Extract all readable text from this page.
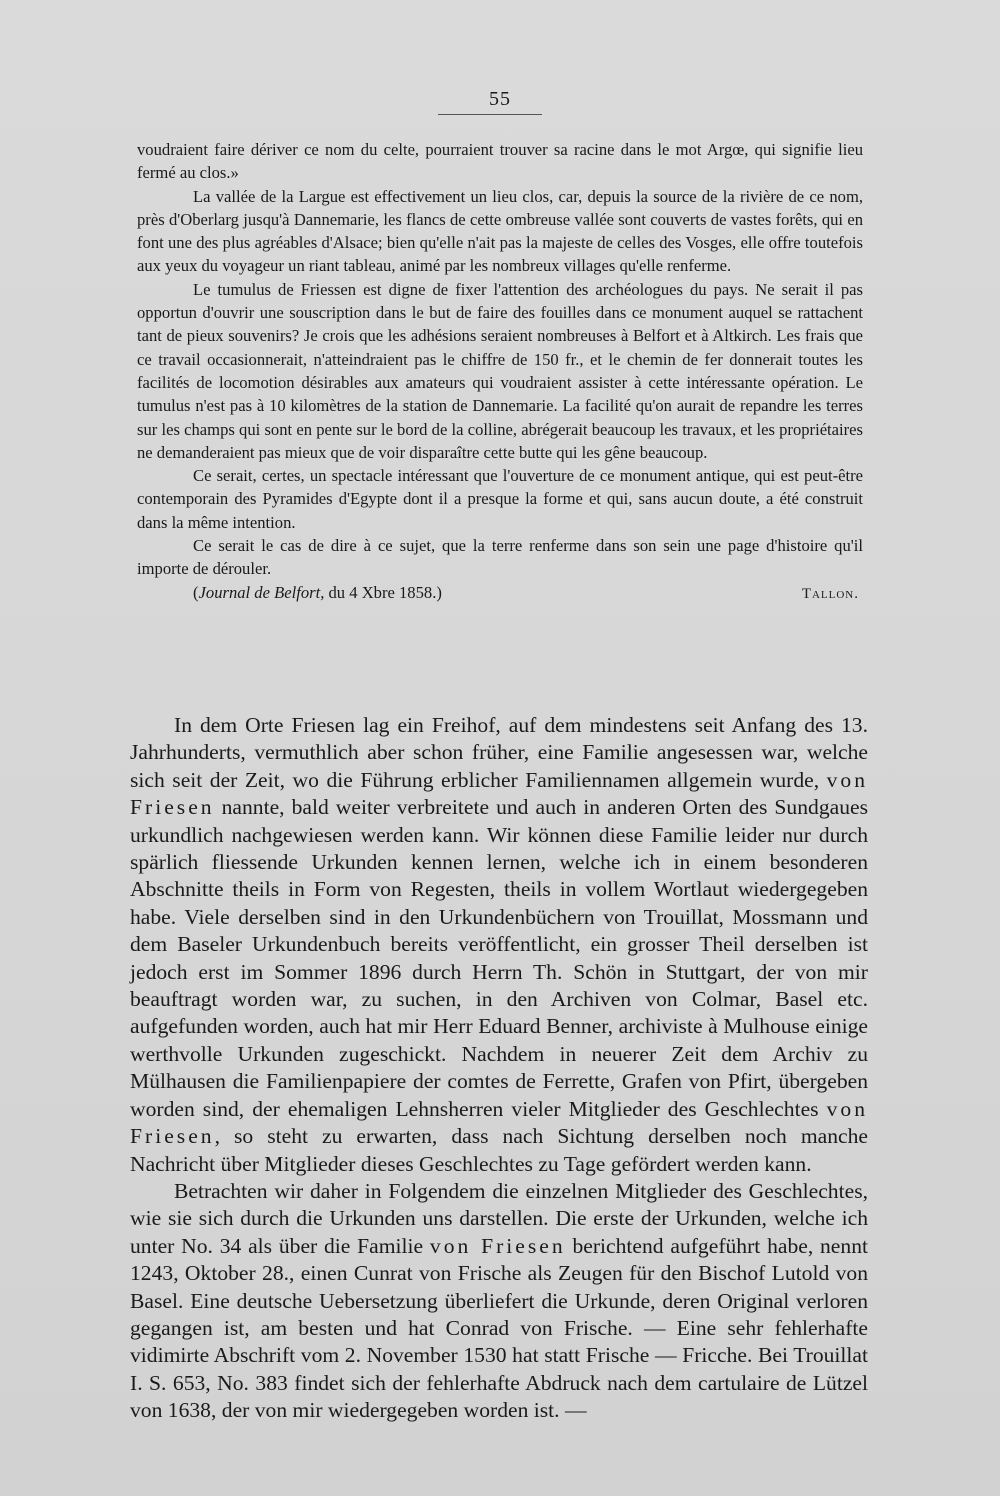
55

voudraient faire dériver ce nom du celte, pourraient trouver sa racine dans le mot Argœ, qui signifie lieu fermé au clos.»

La vallée de la Largue est effectivement un lieu clos, car, depuis la source de la rivière de ce nom, près d'Oberlarg jusqu'à Dannemarie, les flancs de cette ombreuse vallée sont couverts de vastes forêts, qui en font une des plus agréables d'Alsace; bien qu'elle n'ait pas la majeste de celles des Vosges, elle offre toutefois aux yeux du voyageur un riant tableau, animé par les nombreux villages qu'elle renferme.

Le tumulus de Friessen est digne de fixer l'attention des archéologues du pays. Ne serait il pas opportun d'ouvrir une souscription dans le but de faire des fouilles dans ce monument auquel se rattachent tant de pieux souvenirs? Je crois que les adhésions seraient nombreuses à Belfort et à Altkirch. Les frais que ce travail occasionnerait, n'atteindraient pas le chiffre de 150 fr., et le chemin de fer donnerait toutes les facilités de locomotion désirables aux amateurs qui voudraient assister à cette intéressante opération. Le tumulus n'est pas à 10 kilomètres de la station de Dannemarie. La facilité qu'on aurait de repandre les terres sur les champs qui sont en pente sur le bord de la colline, abrégerait beaucoup les travaux, et les propriétaires ne demanderaient pas mieux que de voir disparaître cette butte qui les gêne beaucoup.

Ce serait, certes, un spectacle intéressant que l'ouverture de ce monument antique, qui est peut-être contemporain des Pyramides d'Egypte dont il a presque la forme et qui, sans aucun doute, a été construit dans la même intention.

Ce serait le cas de dire à ce sujet, que la terre renferme dans son sein une page d'histoire qu'il importe de dérouler.

(Journal de Belfort, du 4 Xbre 1858.)	Tallon.

In dem Orte Friesen lag ein Freihof, auf dem mindestens seit Anfang des 13. Jahrhunderts, vermuthlich aber schon früher, eine Familie angesessen war, welche sich seit der Zeit, wo die Führung erblicher Familiennamen allgemein wurde, von Friesen nannte, bald weiter verbreitete und auch in anderen Orten des Sundgaues urkundlich nachgewiesen werden kann. Wir können diese Familie leider nur durch spärlich fliessende Urkunden kennen lernen, welche ich in einem besonderen Abschnitte theils in Form von Regesten, theils in vollem Wortlaut wiedergegeben habe. Viele derselben sind in den Urkundenbüchern von Trouillat, Mossmann und dem Baseler Urkundenbuch bereits veröffentlicht, ein grosser Theil derselben ist jedoch erst im Sommer 1896 durch Herrn Th. Schön in Stuttgart, der von mir beauftragt worden war, zu suchen, in den Archiven von Colmar, Basel etc. aufgefunden worden, auch hat mir Herr Eduard Benner, archiviste à Mulhouse einige werthvolle Urkunden zugeschickt. Nachdem in neuerer Zeit dem Archiv zu Mülhausen die Familienpapiere der comtes de Ferrette, Grafen von Pfirt, übergeben worden sind, der ehemaligen Lehnsherren vieler Mitglieder des Geschlechtes von Friesen, so steht zu erwarten, dass nach Sichtung derselben noch manche Nachricht über Mitglieder dieses Geschlechtes zu Tage gefördert werden kann.

Betrachten wir daher in Folgendem die einzelnen Mitglieder des Geschlechtes, wie sie sich durch die Urkunden uns darstellen. Die erste der Urkunden, welche ich unter No. 34 als über die Familie von Friesen berichtend aufgeführt habe, nennt 1243, Oktober 28., einen Cunrat von Frische als Zeugen für den Bischof Lutold von Basel. Eine deutsche Uebersetzung überliefert die Urkunde, deren Original verloren gegangen ist, am besten und hat Conrad von Frische. — Eine sehr fehlerhafte vidimirte Abschrift vom 2. November 1530 hat statt Frische — Fricche. Bei Trouillat I. S. 653, No. 383 findet sich der fehlerhafte Abdruck nach dem cartulaire de Lützel von 1638, der von mir wiedergegeben worden ist. —
